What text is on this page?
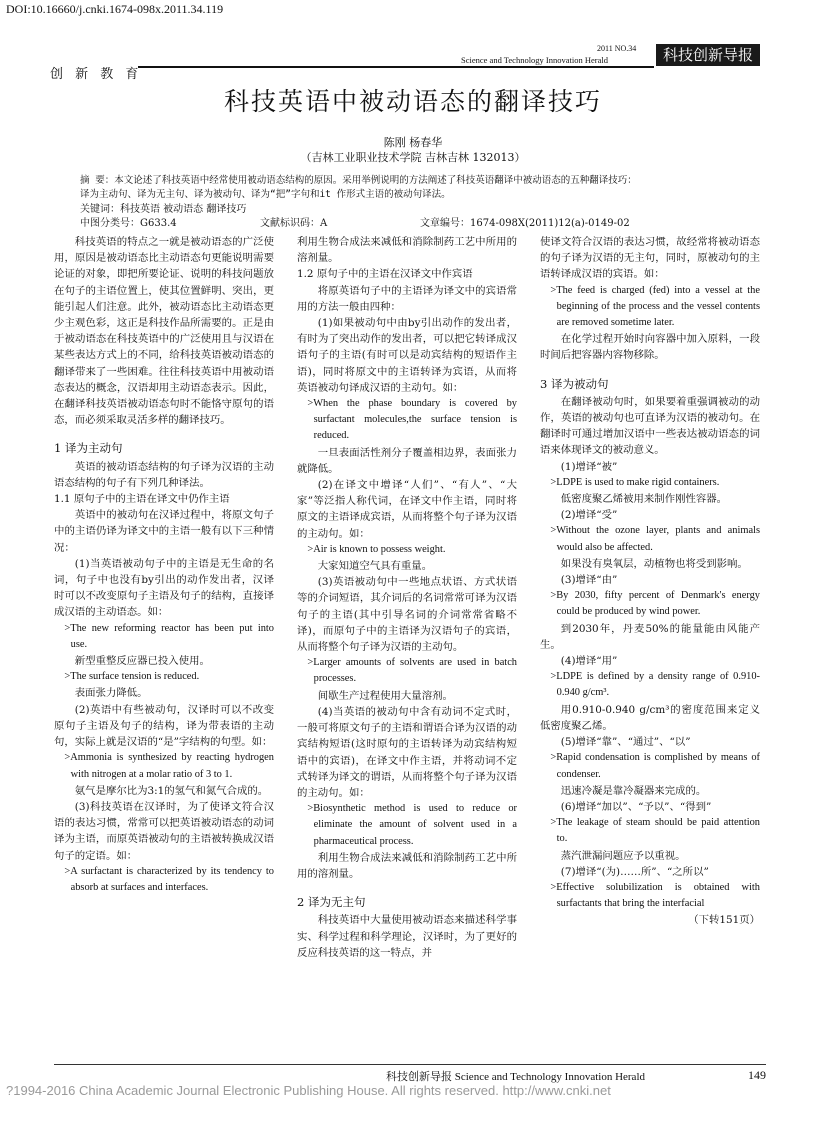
DOI:10.16660/j.cnki.1674-098x.2011.34.119
创 新 教 育
2011 NO.34
Science and Technology Innovation Herald	科技创新导报
科技英语中被动语态的翻译技巧
陈刚 杨春华
（吉林工业职业技术学院 吉林吉林 132013）
摘 要：本文论述了科技英语中经常使用被动语态结构的原因。采用举例说明的方法阐述了科技英语翻译中被动语态的五种翻译技巧：
译为主动句、译为无主句、译为被动句、译为“把”字句和it 作形式主语的被动句译法。
关键词：科技英语 被动语态 翻译技巧
中图分类号：G633.4	文献标识码：A	文章编号：1674-098X(2011)12(a)-0149-02

科技英语的特点之一就是被动语态的广泛使用，原因是被动语态比主动语态句更能说明需要论证的对象，即把所要论证、说明的科技问题放在句子的主语位置上，使其位置鲜明、突出，更能引起人们注意。此外，被动语态比主动语态更少主观色彩，这正是科技作品所需要的。正是由于被动语态在科技英语中的广泛使用且与汉语在某些表达方式上的不同，给科技英语被动语态的翻译带来了一些困难。往往科技英语中用被动语态表达的概念，汉语却用主动语态表示。因此，在翻译科技英语被动语态句时不能恪守原句的语态，而必须采取灵活多样的翻译技巧。

1 译为主动句

英语的被动语态结构的句子译为汉语的主动语态结构的句子有下列几种译法。

1.1 原句子中的主语在译文中仍作主语

英语中的被动句在汉译过程中，将原文句子中的主语仍译为译文中的主语一般有以下三种情况：

(1)当英语被动句子中的主语是无生命的名词，句子中也没有by引出的动作发出者，汉译时可以不改变原句子主语及句子的结构，直接译成汉语的主动语态。如：

>The new reforming reactor has been put into use.

新型重整反应器已投入使用。

>The surface tension is reduced.

表面张力降低。

(2)英语中有些被动句，汉译时可以不改变原句子主语及句子的结构，译为带表语的主动句，实际上就是汉语的“是”字结构的句型。如：

>Ammonia is synthesized by reacting hydrogen with nitrogen at a molar ratio of 3 to 1.

氨气是摩尔比为3:1的氢气和氮气合成的。

(3)科技英语在汉译时，为了使译文符合汉语的表达习惯，常常可以把英语被动语态的动词译为主语，而原英语被动句的主语被转换成汉语句子的定语。如：

>A surfactant is characterized by its tendency to absorb at surfaces and interfaces.

利用生物合成法来减低和消除制药工艺中所用的溶剂量。

1.2 原句子中的主语在汉译文中作宾语

将原英语句子中的主语译为译文中的宾语常用的方法一般由四种：

(1)如果被动句中由by引出动作的发出者，有时为了突出动作的发出者，可以把它转译成汉语句子的主语(有时可以是动宾结构的短语作主语)，同时将原文中的主语转译为宾语，从而将英语被动句译成汉语的主动句。如：

>When the phase boundary is covered by surfactant molecules,the surface tension is reduced.

一旦表面活性剂分子覆盖相边界，表面张力就降低。

(2)在译文中增译“人们”、“有人”、“大家”等泛指人称代词，在译文中作主语，同时将原文的主语译成宾语，从而将整个句子译为汉语的主动句。如：

>Air is known to possess weight.

大家知道空气具有重量。

(3)英语被动句中一些地点状语、方式状语等的介词短语，其介词后的名词常常可译为汉语句子的主语(其中引导名词的介词常常省略不译)，而原句子中的主语译为汉语句子的宾语，从而将整个句子译为汉语的主动句。

>Larger amounts of solvents are used in batch processes.

间歇生产过程使用大量溶剂。

(4)当英语的被动句中含有动词不定式时，一般可将原文句子的主语和谓语合译为汉语的动宾结构短语(这时原句的主语转译为动宾结构短语中的宾语)，在译文中作主语，并将动词不定式转译为译文的谓语，从而将整个句子译为汉语的主动句。如：

>Biosynthetic method is used to reduce or eliminate the amount of solvent used in a pharmaceutical process.

利用生物合成法来减低和消除制药工艺中所用的溶剂量。

2 译为无主句

科技英语中大量使用被动语态来描述科学事实、科学过程和科学理论，汉译时，为了更好的反应科技英语的这一特点，并

使译文符合汉语的表达习惯，故经常将被动语态的句子译为汉语的无主句，同时，原被动句的主语转译成汉语的宾语。如：

>The feed is charged (fed) into a vessel at the beginning of the process and the vessel contents are removed sometime later.

在化学过程开始时向容器中加入原料，一段时间后把容器内容物移除。

3 译为被动句

在翻译被动句时，如果要着重强调被动的动作，英语的被动句也可直译为汉语的被动句。在翻译时可通过增加汉语中一些表达被动语态的词语来体现译文的被动意义。

(1)增译“被”

>LDPE is used to make rigid containers.

低密度聚乙烯被用来制作刚性容器。

(2)增译“受”

>Without the ozone layer, plants and animals would also be affected.

如果没有臭氧层，动植物也将受到影响。

(3)增译“由”

>By 2030, fifty percent of Denmark's energy could be produced by wind power.

到2030年，丹麦50%的能量能由风能产生。

(4)增译“用”

>LDPE is defined by a density range of 0.910-0.940 g/cm³.

用0.910-0.940 g/cm³的密度范围来定义低密度聚乙烯。

(5)增译“靠”、“通过”、“以”

>Rapid condensation is complished by means of condenser.

迅速冷凝是靠冷凝器来完成的。

(6)增译“加以”、“予以”、“得到”

>The leakage of steam should be paid attention to.

蒸汽泄漏问题应予以重视。

(7)增译“(为)……所”、“之所以”

>Effective solubilization is obtained with surfactants that bring the interfacial

（下转151页）

科技创新导报 Science and Technology Innovation Herald	149
?1994-2016 China Academic Journal Electronic Publishing House. All rights reserved. http://www.cnki.net
